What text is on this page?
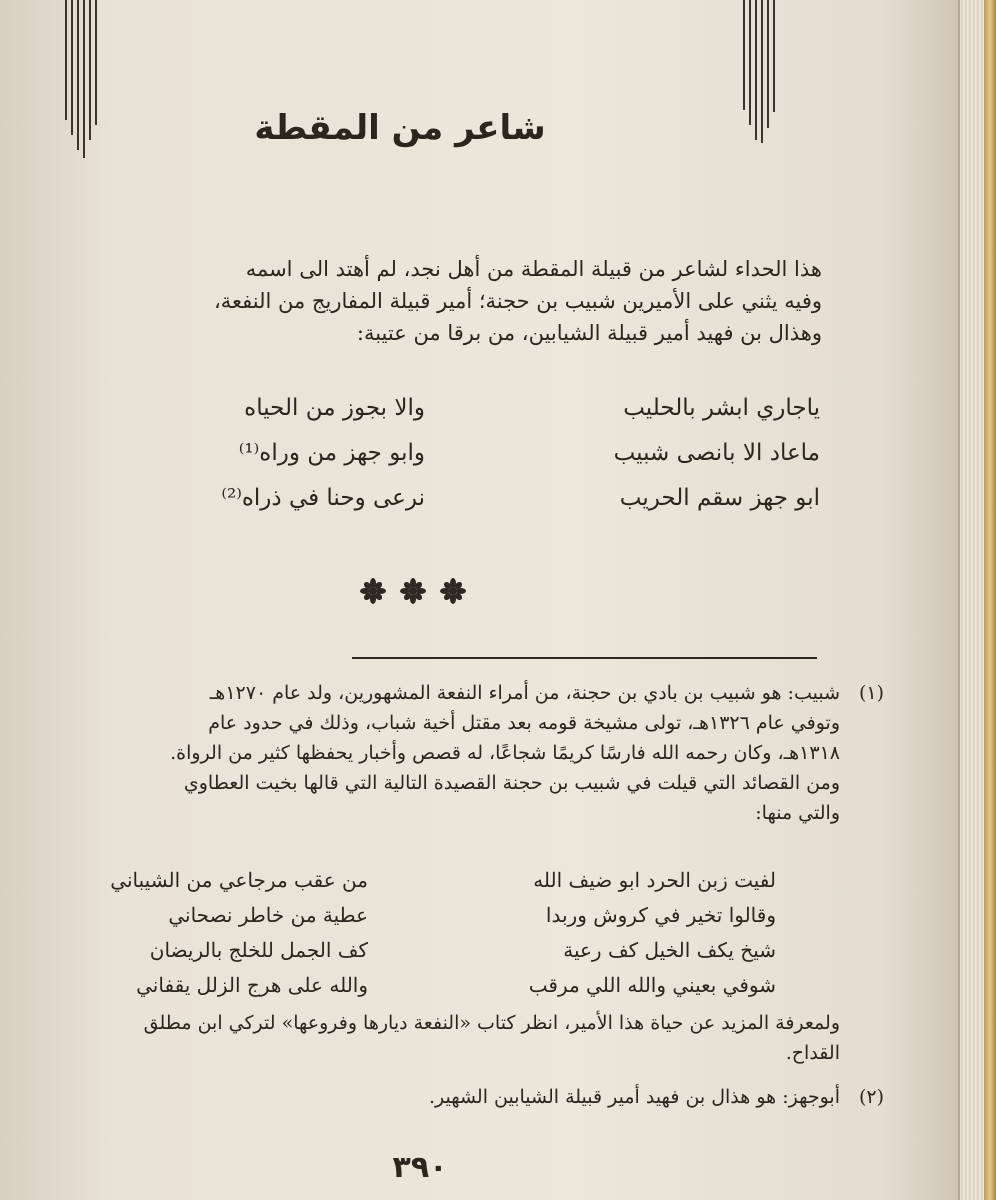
شاعر من المقطة
هذا الحداء لشاعر من قبيلة المقطة من أهل نجد، لم أهتد الى اسمه
وفيه يثني على الأميرين شبيب بن حجنة؛ أمير قبيلة المفاريج من النفعة،
وهذال بن فهيد أمير قبيلة الشيابين، من برقا من عتيبة:
ياجاري ابشر بالحليب
والا بجوز من الحياه
ماعاد الا بانصى شبيب
وابو جهز من وراه⁽¹⁾
ابو جهز سقم الحريب
نرعى وحنا في ذراه⁽²⁾
(١)
شبيب: هو شبيب بن بادي بن حجنة، من أمراء النفعة المشهورين، ولد عام ١٢٧٠هـ
وتوفي عام ١٣٢٦هـ، تولى مشيخة قومه بعد مقتل أخية شباب، وذلك في حدود عام
١٣١٨هـ، وكان رحمه الله فارسًا كريمًا شجاعًا، له قصص وأخبار يحفظها كثير من الرواة.
ومن القصائد التي قيلت في شبيب بن حجنة القصيدة التالية التي قالها بخيت العطاوي
والتي منها:
لفيت زبن الحرد ابو ضيف الله
من عقب مرجاعي من الشيباني
وقالوا تخير في كروش وربدا
عطية من خاطر نصحاني
شيخ يكف الخيل كف رعية
كف الجمل للخلج بالريضان
شوفي بعيني والله اللي مرقب
والله على هرج الزلل يقفاني
ولمعرفة المزيد عن حياة هذا الأمير، انظر كتاب «النفعة ديارها وفروعها» لتركي ابن مطلق
القداح.
(٢)
أبوجهز: هو هذال بن فهيد أمير قبيلة الشيابين الشهير.
٣٩٠
